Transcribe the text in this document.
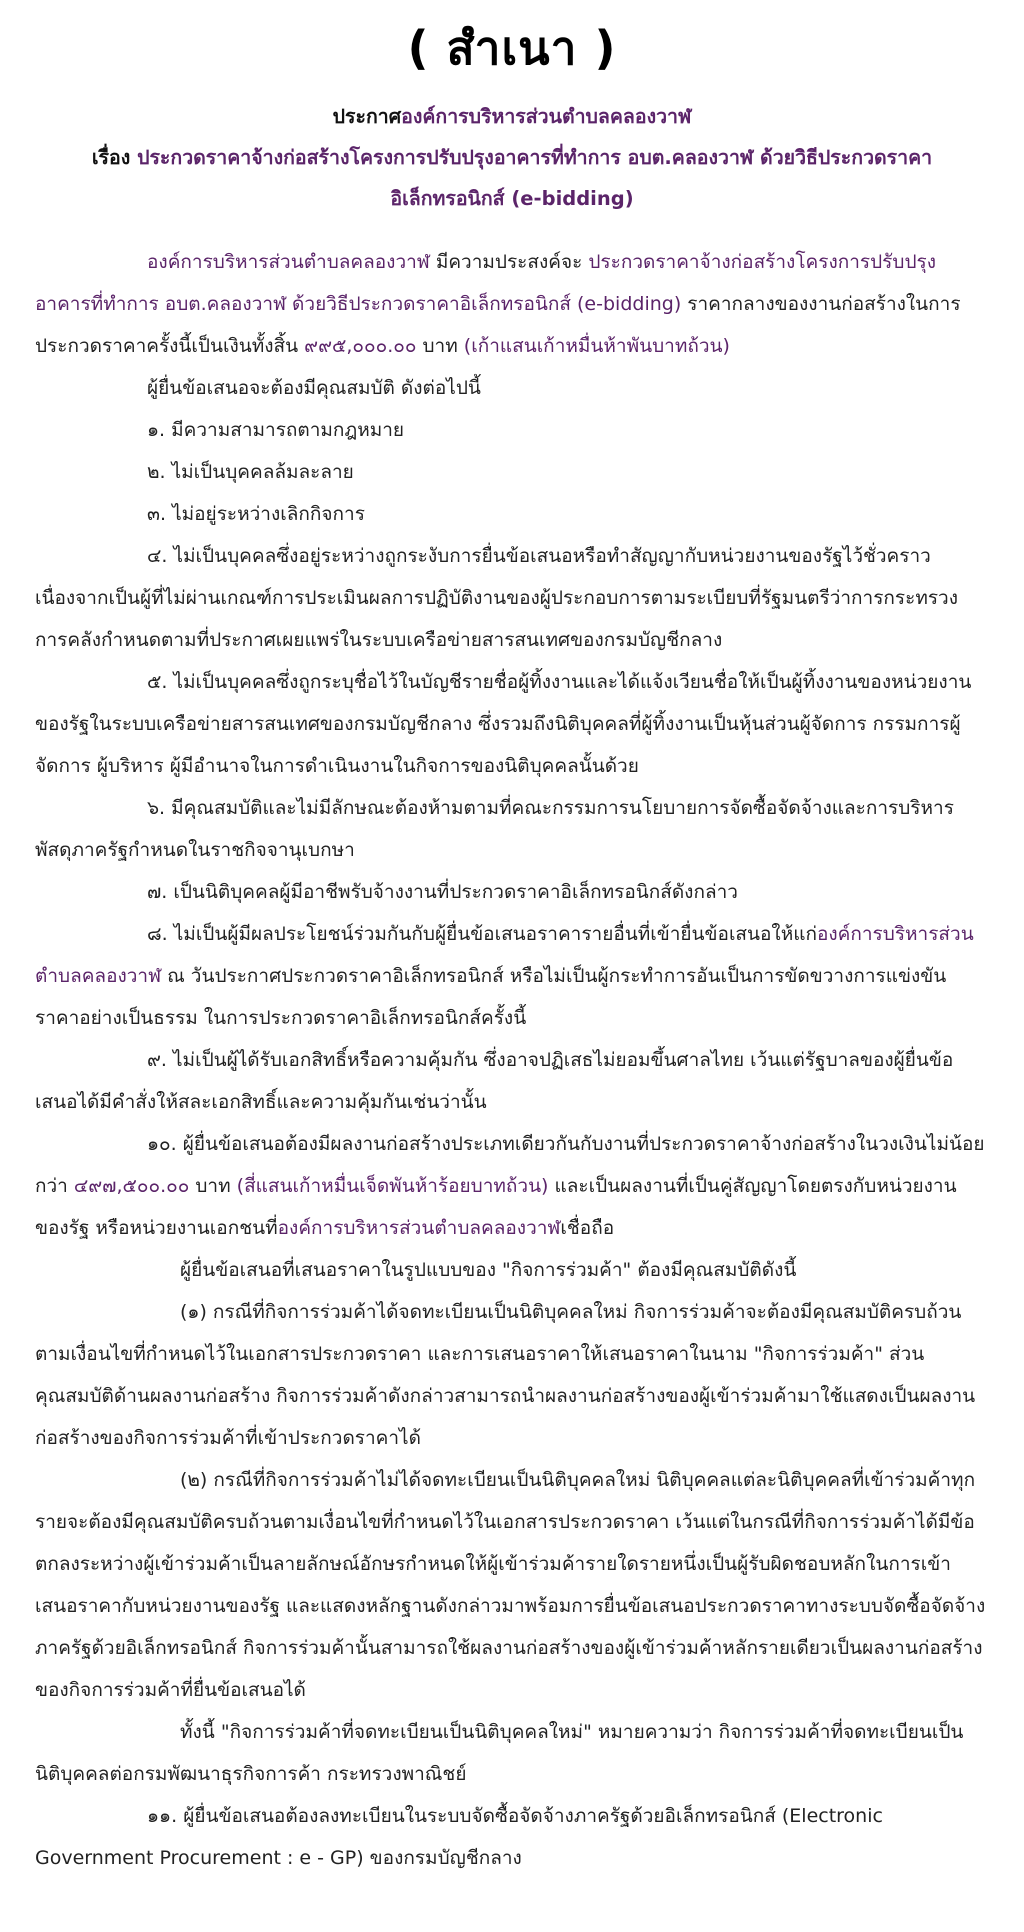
( สำเนา )
ประกาศองค์การบริหารส่วนตำบลคลองวาฬ
เรื่อง ประกวดราคาจ้างก่อสร้างโครงการปรับปรุงอาคารที่ทำการ อบต.คลองวาฬ ด้วยวิธีประกวดราคา
อิเล็กทรอนิกส์ (e-bidding)

องค์การบริหารส่วนตำบลคลองวาฬ มีความประสงค์จะ ประกวดราคาจ้างก่อสร้างโครงการปรับปรุงอาคารที่ทำการ อบต.คลองวาฬ ด้วยวิธีประกวดราคาอิเล็กทรอนิกส์ (e-bidding) ราคากลางของงานก่อสร้างในการประกวดราคาครั้งนี้เป็นเงินทั้งสิ้น ๙๙๕,๐๐๐.๐๐ บาท (เก้าแสนเก้าหมื่นห้าพันบาทถ้วน)

ผู้ยื่นข้อเสนอจะต้องมีคุณสมบัติ ดังต่อไปนี้

๑. มีความสามารถตามกฎหมาย

๒. ไม่เป็นบุคคลล้มละลาย

๓. ไม่อยู่ระหว่างเลิกกิจการ

๔. ไม่เป็นบุคคลซึ่งอยู่ระหว่างถูกระงับการยื่นข้อเสนอหรือทำสัญญากับหน่วยงานของรัฐไว้ชั่วคราว เนื่องจากเป็นผู้ที่ไม่ผ่านเกณฑ์การประเมินผลการปฏิบัติงานของผู้ประกอบการตามระเบียบที่รัฐมนตรีว่าการกระทรวงการคลังกำหนดตามที่ประกาศเผยแพร่ในระบบเครือข่ายสารสนเทศของกรมบัญชีกลาง

๕. ไม่เป็นบุคคลซึ่งถูกระบุชื่อไว้ในบัญชีรายชื่อผู้ทิ้งงานและได้แจ้งเวียนชื่อให้เป็นผู้ทิ้งงานของหน่วยงานของรัฐในระบบเครือข่ายสารสนเทศของกรมบัญชีกลาง ซึ่งรวมถึงนิติบุคคลที่ผู้ทิ้งงานเป็นหุ้นส่วนผู้จัดการ กรรมการผู้จัดการ ผู้บริหาร ผู้มีอำนาจในการดำเนินงานในกิจการของนิติบุคคลนั้นด้วย

๖. มีคุณสมบัติและไม่มีลักษณะต้องห้ามตามที่คณะกรรมการนโยบายการจัดซื้อจัดจ้างและการบริหารพัสดุภาครัฐกำหนดในราชกิจจานุเบกษา

๗. เป็นนิติบุคคลผู้มีอาชีพรับจ้างงานที่ประกวดราคาอิเล็กทรอนิกส์ดังกล่าว

๘. ไม่เป็นผู้มีผลประโยชน์ร่วมกันกับผู้ยื่นข้อเสนอราคารายอื่นที่เข้ายื่นข้อเสนอให้แก่องค์การบริหารส่วนตำบลคลองวาฬ ณ วันประกาศประกวดราคาอิเล็กทรอนิกส์ หรือไม่เป็นผู้กระทำการอันเป็นการขัดขวางการแข่งขันราคาอย่างเป็นธรรม ในการประกวดราคาอิเล็กทรอนิกส์ครั้งนี้

๙. ไม่เป็นผู้ได้รับเอกสิทธิ์หรือความคุ้มกัน ซึ่งอาจปฏิเสธไม่ยอมขึ้นศาลไทย เว้นแต่รัฐบาลของผู้ยื่นข้อเสนอได้มีคำสั่งให้สละเอกสิทธิ์และความคุ้มกันเช่นว่านั้น

๑๐. ผู้ยื่นข้อเสนอต้องมีผลงานก่อสร้างประเภทเดียวกันกับงานที่ประกวดราคาจ้างก่อสร้างในวงเงินไม่น้อยกว่า ๔๙๗,๕๐๐.๐๐ บาท (สี่แสนเก้าหมื่นเจ็ดพันห้าร้อยบาทถ้วน) และเป็นผลงานที่เป็นคู่สัญญาโดยตรงกับหน่วยงานของรัฐ หรือหน่วยงานเอกชนที่องค์การบริหารส่วนตำบลคลองวาฬเชื่อถือ

ผู้ยื่นข้อเสนอที่เสนอราคาในรูปแบบของ "กิจการร่วมค้า" ต้องมีคุณสมบัติดังนี้

(๑) กรณีที่กิจการร่วมค้าได้จดทะเบียนเป็นนิติบุคคลใหม่ กิจการร่วมค้าจะต้องมีคุณสมบัติครบถ้วนตามเงื่อนไขที่กำหนดไว้ในเอกสารประกวดราคา และการเสนอราคาให้เสนอราคาในนาม "กิจการร่วมค้า" ส่วนคุณสมบัติด้านผลงานก่อสร้าง กิจการร่วมค้าดังกล่าวสามารถนำผลงานก่อสร้างของผู้เข้าร่วมค้ามาใช้แสดงเป็นผลงานก่อสร้างของกิจการร่วมค้าที่เข้าประกวดราคาได้

(๒) กรณีที่กิจการร่วมค้าไม่ได้จดทะเบียนเป็นนิติบุคคลใหม่ นิติบุคคลแต่ละนิติบุคคลที่เข้าร่วมค้าทุกรายจะต้องมีคุณสมบัติครบถ้วนตามเงื่อนไขที่กำหนดไว้ในเอกสารประกวดราคา เว้นแต่ในกรณีที่กิจการร่วมค้าได้มีข้อตกลงระหว่างผู้เข้าร่วมค้าเป็นลายลักษณ์อักษรกำหนดให้ผู้เข้าร่วมค้ารายใดรายหนึ่งเป็นผู้รับผิดชอบหลักในการเข้าเสนอราคากับหน่วยงานของรัฐ และแสดงหลักฐานดังกล่าวมาพร้อมการยื่นข้อเสนอประกวดราคาทางระบบจัดซื้อจัดจ้างภาครัฐด้วยอิเล็กทรอนิกส์ กิจการร่วมค้านั้นสามารถใช้ผลงานก่อสร้างของผู้เข้าร่วมค้าหลักรายเดียวเป็นผลงานก่อสร้างของกิจการร่วมค้าที่ยื่นข้อเสนอได้

ทั้งนี้ "กิจการร่วมค้าที่จดทะเบียนเป็นนิติบุคคลใหม่" หมายความว่า กิจการร่วมค้าที่จดทะเบียนเป็นนิติบุคคลต่อกรมพัฒนาธุรกิจการค้า กระทรวงพาณิชย์

๑๑. ผู้ยื่นข้อเสนอต้องลงทะเบียนในระบบจัดซื้อจัดจ้างภาครัฐด้วยอิเล็กทรอนิกส์ (Electronic Government Procurement : e - GP) ของกรมบัญชีกลาง
